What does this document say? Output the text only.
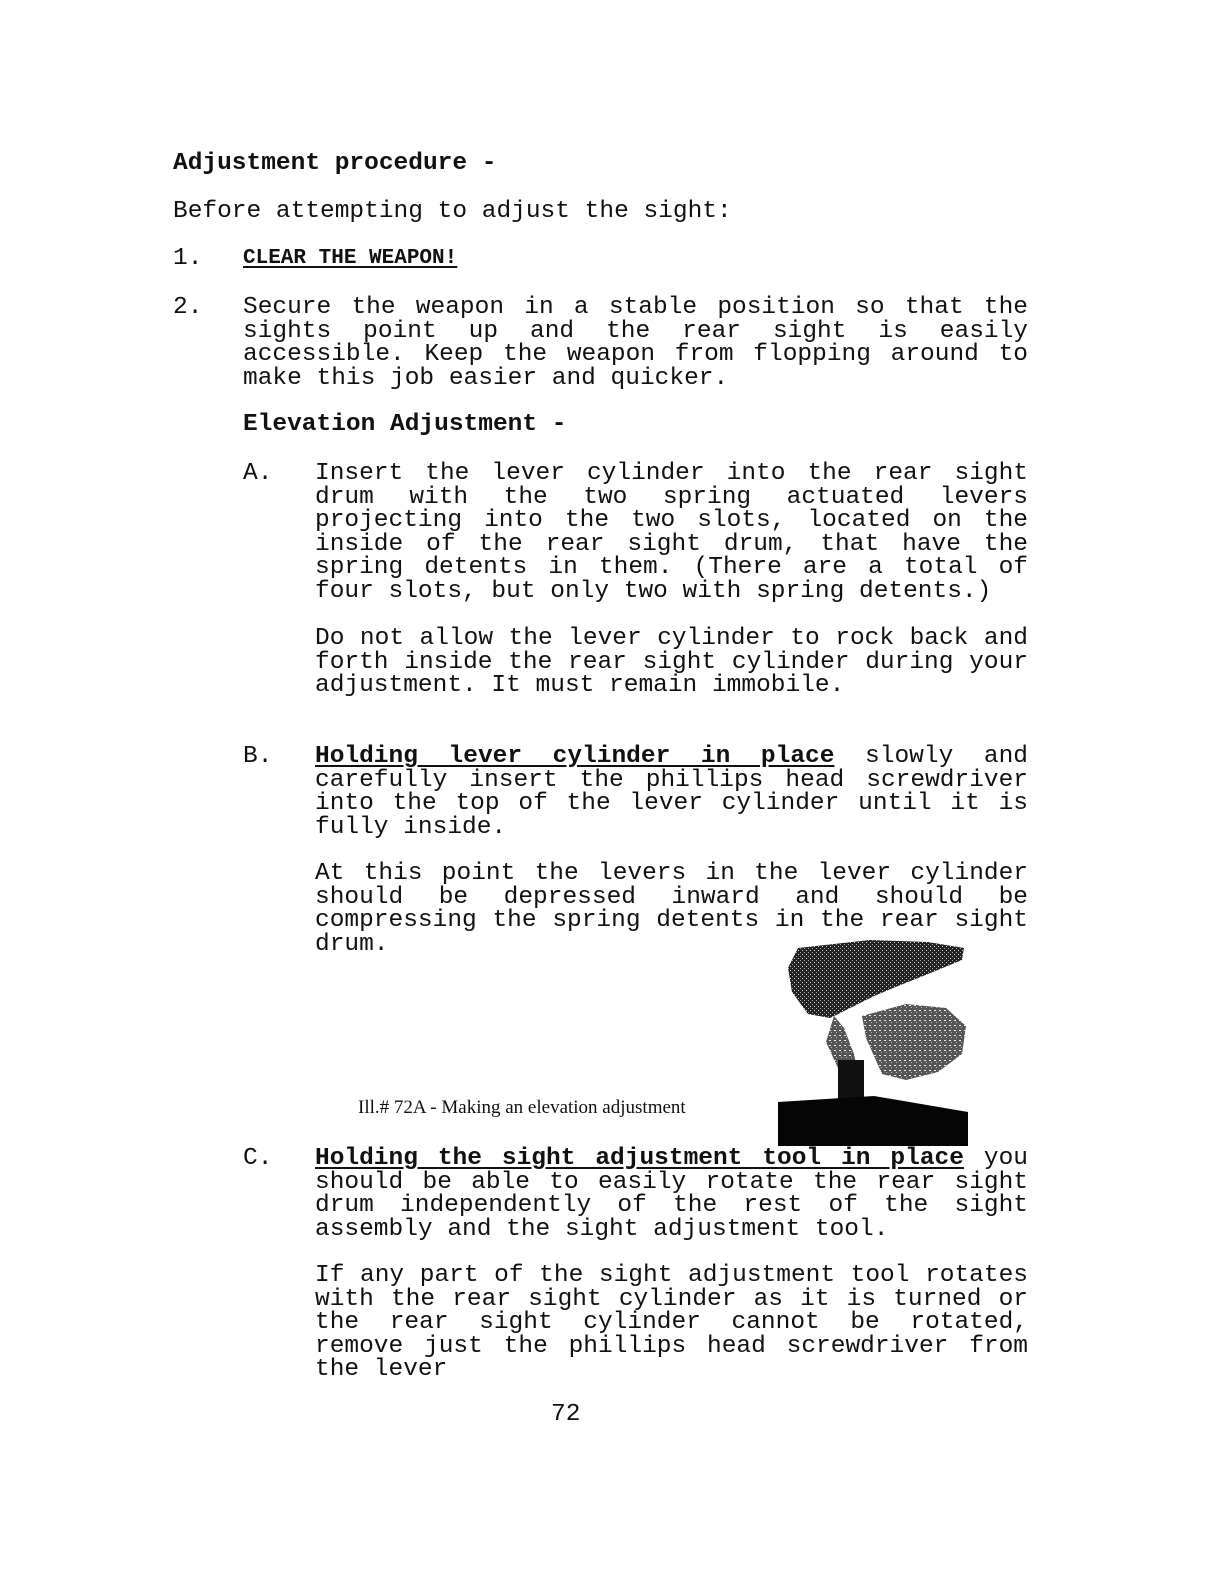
Adjustment procedure -
Before attempting to adjust the sight:
1. CLEAR THE WEAPON!
2. Secure the weapon in a stable position so that the sights point up and the rear sight is easily accessible. Keep the weapon from flopping around to make this job easier and quicker.
Elevation Adjustment -
A. Insert the lever cylinder into the rear sight drum with the two spring actuated levers projecting into the two slots, located on the inside of the rear sight drum, that have the spring detents in them. (There are a total of four slots, but only two with spring detents.)
Do not allow the lever cylinder to rock back and forth inside the rear sight cylinder during your adjustment. It must remain immobile.
B. Holding lever cylinder in place slowly and carefully insert the phillips head screwdriver into the top of the lever cylinder until it is fully inside.
At this point the levers in the lever cylinder should be depressed inward and should be compressing the spring detents in the rear sight drum.
Ill.# 72A - Making an elevation adjustment
C. Holding the sight adjustment tool in place you should be able to easily rotate the rear sight drum independently of the rest of the sight assembly and the sight adjustment tool.
If any part of the sight adjustment tool rotates with the rear sight cylinder as it is turned or the rear sight cylinder cannot be rotated, remove just the phillips head screwdriver from the lever
72
